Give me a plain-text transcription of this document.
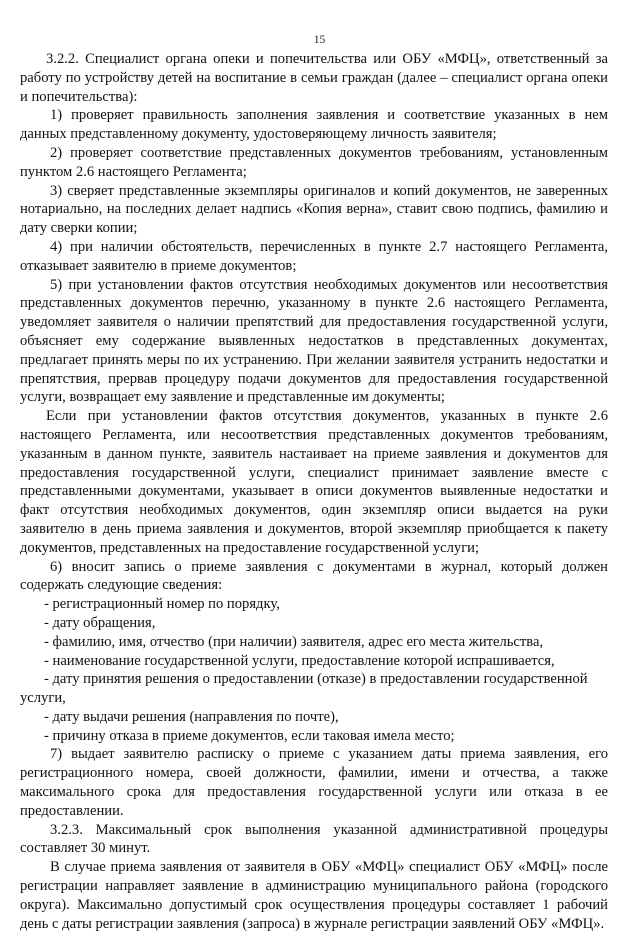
15

3.2.2. Специалист органа опеки и попечительства или ОБУ «МФЦ», ответственный за работу по устройству детей на воспитание в семьи граждан (далее – специалист органа опеки и попечительства):

1) проверяет правильность заполнения заявления и соответствие указанных в нем данных представленному документу, удостоверяющему личность заявителя;

2) проверяет соответствие представленных документов требованиям, установленным пунктом 2.6 настоящего Регламента;

3) сверяет представленные экземпляры оригиналов и копий документов, не заверенных нотариально, на последних делает надпись «Копия верна», ставит свою подпись, фамилию и дату сверки копии;

4) при наличии обстоятельств, перечисленных в пункте 2.7 настоящего Регламента, отказывает заявителю в приеме документов;

5) при установлении фактов отсутствия необходимых документов или несоответствия представленных документов перечню, указанному в пункте 2.6 настоящего Регламента, уведомляет заявителя о наличии препятствий для предоставления государственной услуги, объясняет ему содержание выявленных недостатков в представленных документах, предлагает принять меры по их устранению. При желании заявителя устранить недостатки и препятствия, прервав процедуру подачи документов для предоставления государственной услуги, возвращает ему заявление и представленные им документы;

Если при установлении фактов отсутствия документов, указанных в пункте 2.6 настоящего Регламента, или несоответствия представленных документов требованиям, указанным в данном пункте, заявитель настаивает на приеме заявления и документов для предоставления государственной услуги, специалист принимает заявление вместе с представленными документами, указывает в описи документов выявленные недостатки и факт отсутствия необходимых документов, один экземпляр описи выдается на руки заявителю в день приема заявления и документов, второй экземпляр приобщается к пакету документов, представленных на предоставление государственной услуги;

6) вносит запись о приеме заявления с документами в журнал, который должен содержать следующие сведения:

- регистрационный номер по порядку,

- дату обращения,

- фамилию, имя, отчество (при наличии) заявителя, адрес его места жительства,

- наименование государственной услуги, предоставление которой испрашивается,

- дату принятия решения о предоставлении (отказе) в предоставлении государственной
услуги,

- дату выдачи решения (направления по почте),

- причину отказа в приеме документов, если таковая имела место;

7) выдает заявителю расписку о приеме с указанием даты приема заявления, его регистрационного номера, своей должности, фамилии, имени и отчества, а также максимального срока для предоставления государственной услуги или отказа в ее предоставлении.

3.2.3. Максимальный срок выполнения указанной административной процедуры составляет 30 минут.

В случае приема заявления от заявителя в ОБУ «МФЦ» специалист ОБУ «МФЦ» после регистрации направляет заявление в администрацию муниципального района (городского округа). Максимально допустимый срок осуществления процедуры составляет 1 рабочий день с даты регистрации заявления (запроса) в журнале регистрации заявлений ОБУ «МФЦ».
